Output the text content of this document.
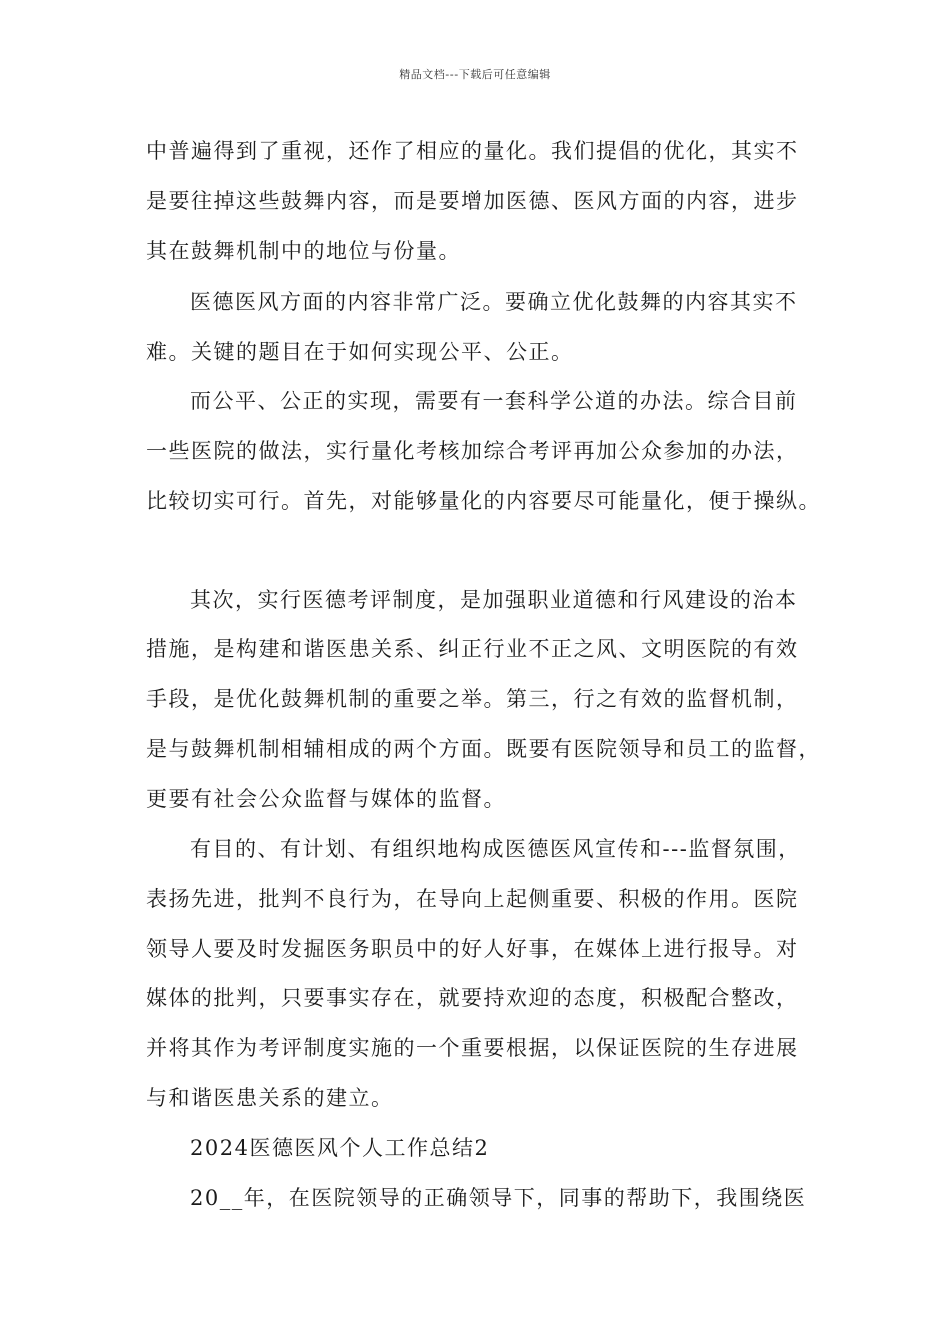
精品文档---下载后可任意编辑
中普遍得到了重视，还作了相应的量化。我们提倡的优化，其实不
是要往掉这些鼓舞内容，而是要增加医德、医风方面的内容，进步
其在鼓舞机制中的地位与份量。
医德医风方面的内容非常广泛。要确立优化鼓舞的内容其实不
难。关键的题目在于如何实现公平、公正。
而公平、公正的实现，需要有一套科学公道的办法。综合目前
一些医院的做法，实行量化考核加综合考评再加公众参加的办法，
比较切实可行。首先，对能够量化的内容要尽可能量化，便于操纵。
其次，实行医德考评制度，是加强职业道德和行风建设的治本
措施，是构建和谐医患关系、纠正行业不正之风、文明医院的有效
手段，是优化鼓舞机制的重要之举。第三，行之有效的监督机制，
是与鼓舞机制相辅相成的两个方面。既要有医院领导和员工的监督，
更要有社会公众监督与媒体的监督。
有目的、有计划、有组织地构成医德医风宣传和---监督氛围，
表扬先进，批判不良行为，在导向上起侧重要、积极的作用。医院
领导人要及时发掘医务职员中的好人好事，在媒体上进行报导。对
媒体的批判，只要事实存在，就要持欢迎的态度，积极配合整改，
并将其作为考评制度实施的一个重要根据，以保证医院的生存进展
与和谐医患关系的建立。
2024医德医风个人工作总结2
20__年，在医院领导的正确领导下，同事的帮助下，我围绕医
